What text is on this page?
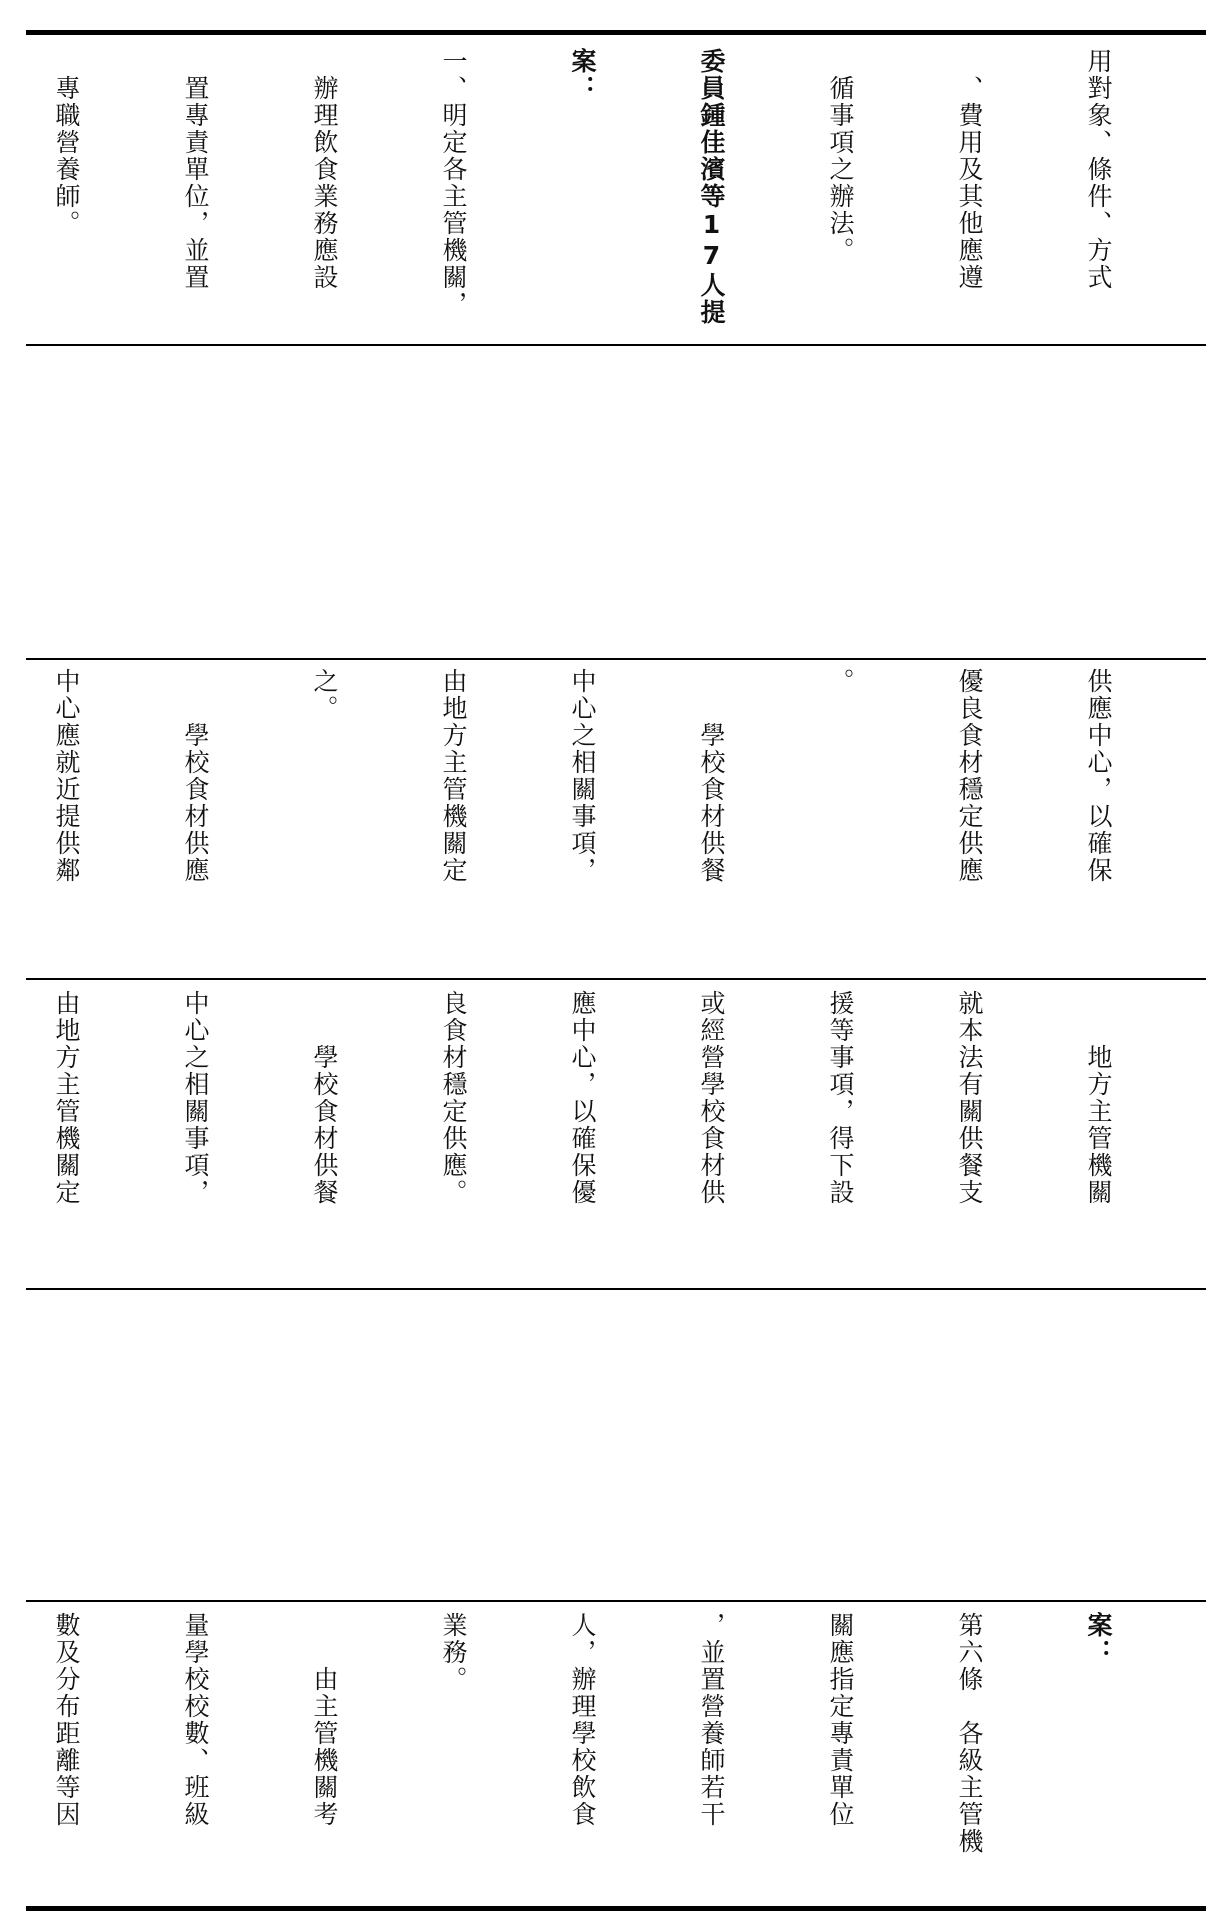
用對象、條件、方式

　、費用及其他應遵

　循事項之辦法。

委員鍾佳濱等17人提

案：

一、明定各主管機關，

　辦理飲食業務應設

　置專責單位，並置

　專職營養師。

供應中心，以確保

優良食材穩定供應

。

　　學校食材供餐

中心之相關事項，

由地方主管機關定

之。

　　學校食材供應

中心應就近提供鄰

　　地方主管機關

就本法有關供餐支

援等事項，得下設

或經營學校食材供

應中心，以確保優

良食材穩定供應。

　　學校食材供餐

中心之相關事項，

由地方主管機關定

案：

第六條　各級主管機

關應指定專責單位

，並置營養師若干

人，辦理學校飲食

業務。

　　由主管機關考

量學校校數、班級

數及分布距離等因
